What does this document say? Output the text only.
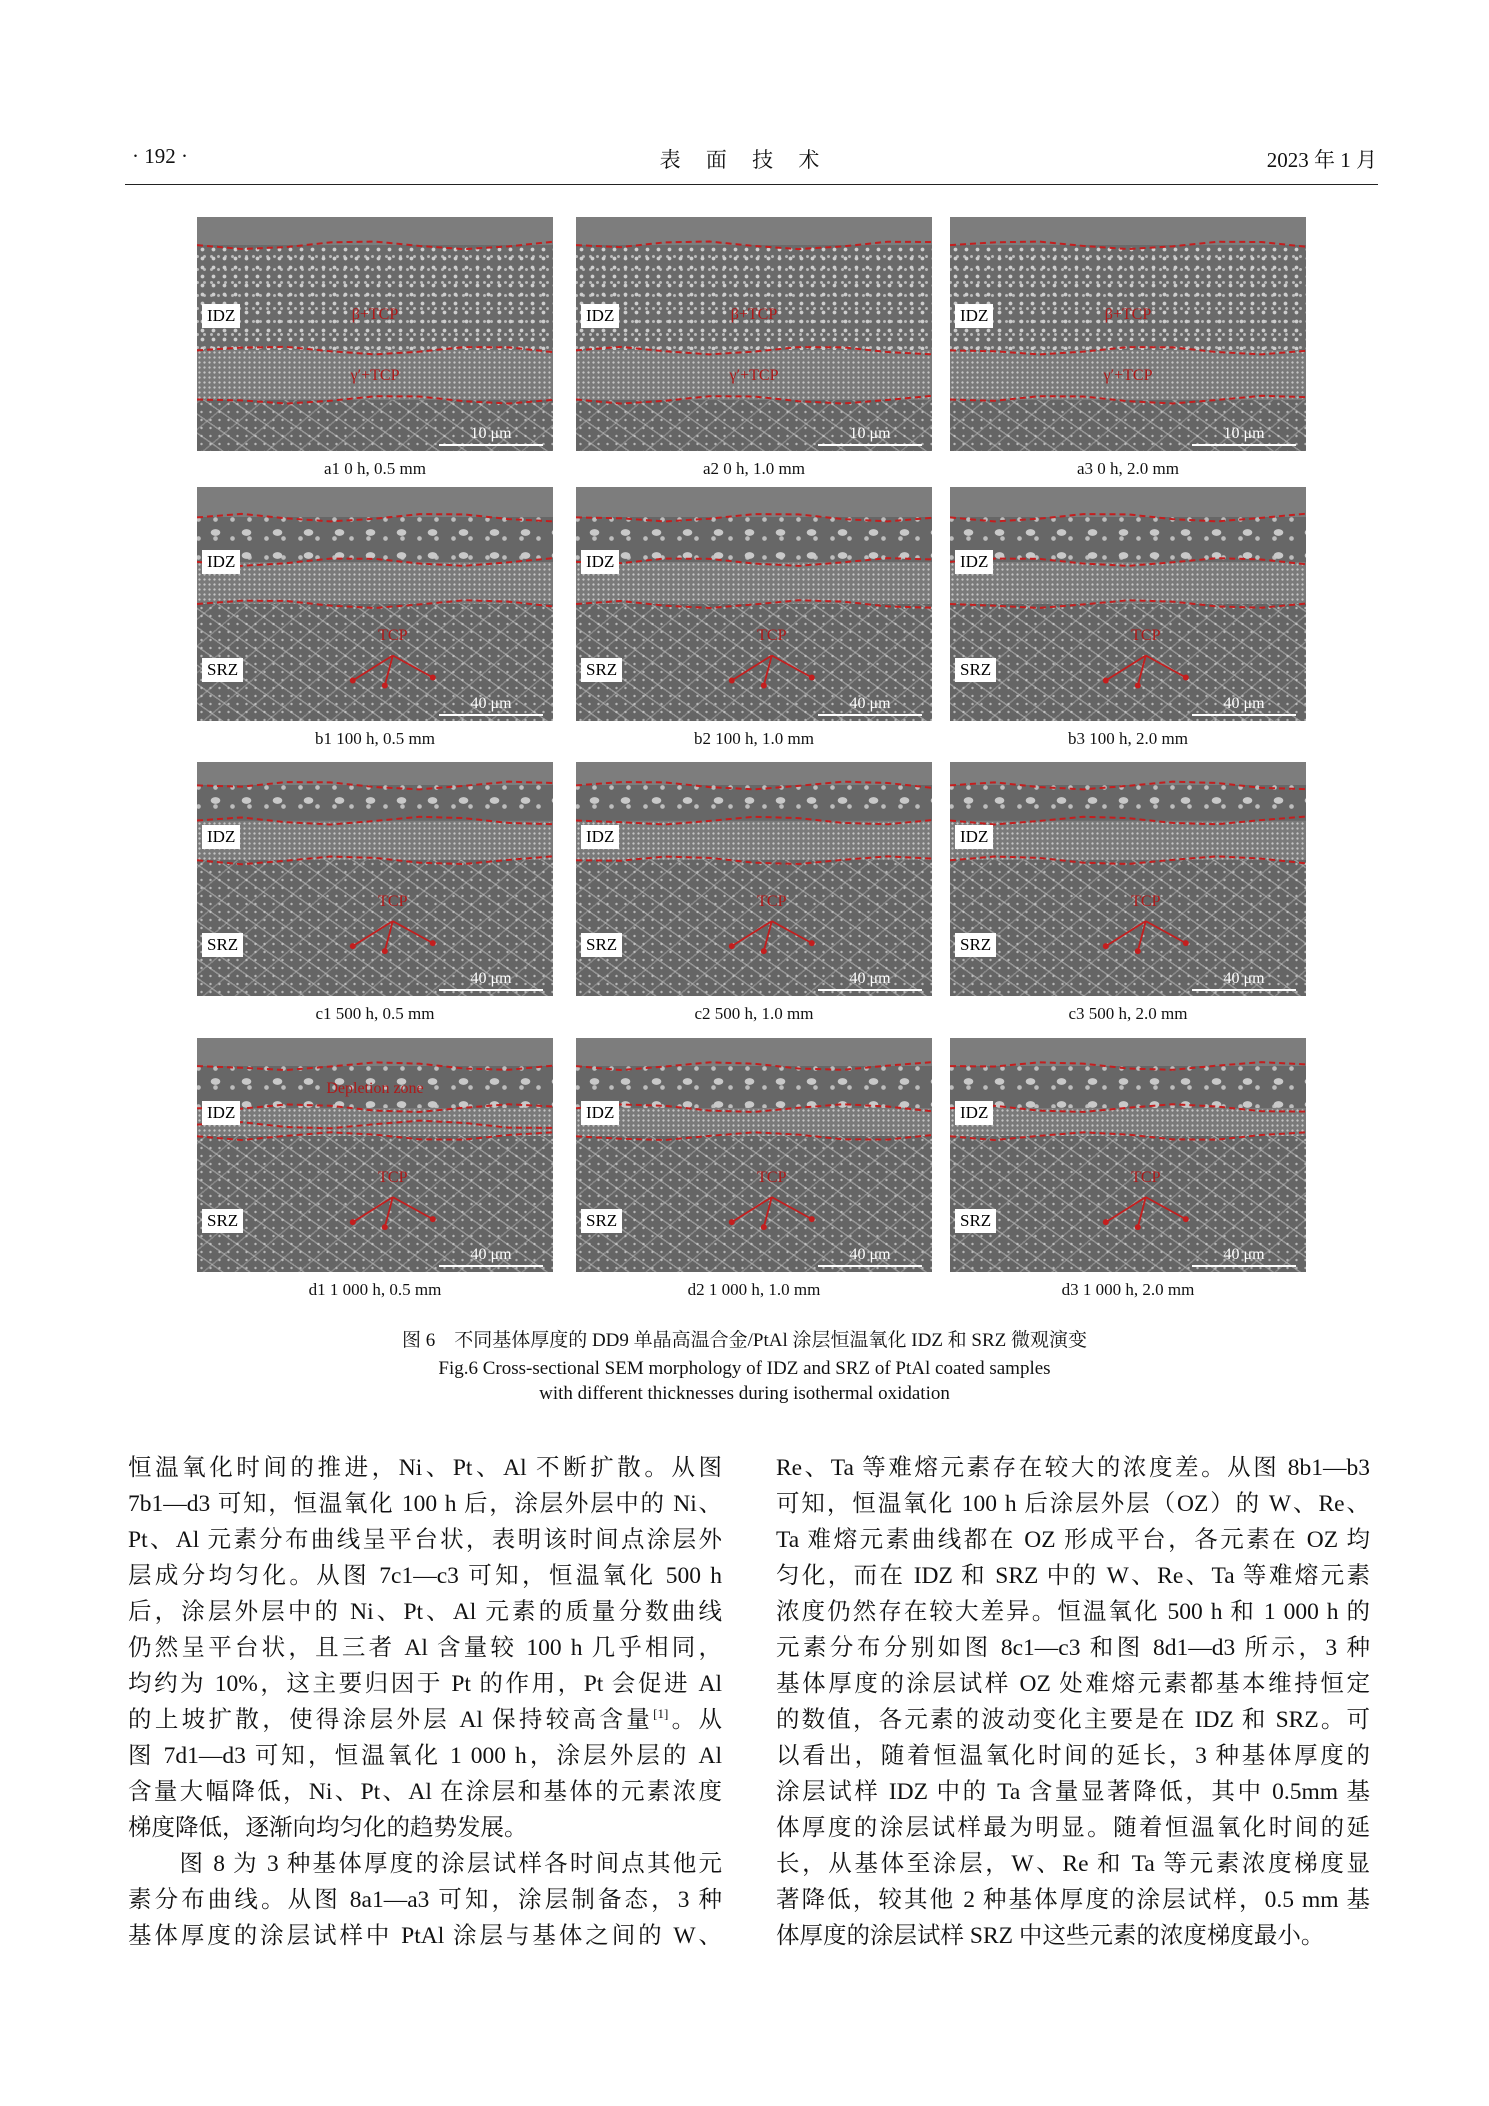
· 192 ·	表 面 技 术	2023 年 1 月
IDZ	β+TCP
γ′+TCP
10 μm
a1 0 h, 0.5 mm
IDZ	β+TCP
γ′+TCP
10 μm
a2 0 h, 1.0 mm
IDZ	β+TCP
γ′+TCP
10 μm
a3 0 h, 2.0 mm
IDZ
SRZ
TCP
40 μm
b1 100 h, 0.5 mm
IDZ
SRZ
TCP
40 μm
b2 100 h, 1.0 mm
IDZ
SRZ
TCP
40 μm
b3 100 h, 2.0 mm
IDZ
SRZ
TCP
40 μm
c1 500 h, 0.5 mm
IDZ
SRZ
TCP
40 μm
c2 500 h, 1.0 mm
IDZ
SRZ
TCP
40 μm
c3 500 h, 2.0 mm
IDZ
SRZ
TCP
Depletion zone
40 μm
d1 1 000 h, 0.5 mm
IDZ
SRZ
TCP
40 μm
d2 1 000 h, 1.0 mm
IDZ
SRZ
TCP
40 μm
d3 1 000 h, 2.0 mm
图 6　不同基体厚度的 DD9 单晶高温合金/PtAl 涂层恒温氧化 IDZ 和 SRZ 微观演变
Fig.6 Cross-sectional SEM morphology of IDZ and SRZ of PtAl coated samples
with different thicknesses during isothermal oxidation
恒温氧化时间的推进，Ni、Pt、Al 不断扩散。从图
7b1—d3 可知，恒温氧化 100 h 后，涂层外层中的 Ni、
Pt、Al 元素分布曲线呈平台状，表明该时间点涂层外
层成分均匀化。从图 7c1—c3 可知，恒温氧化 500 h
后，涂层外层中的 Ni、Pt、Al 元素的质量分数曲线
仍然呈平台状，且三者 Al 含量较 100 h 几乎相同，
均约为 10%，这主要归因于 Pt 的作用，Pt 会促进 Al
的上坡扩散，使得涂层外层 Al 保持较高含量[1]。从
图 7d1—d3 可知，恒温氧化 1 000 h，涂层外层的 Al
含量大幅降低，Ni、Pt、Al 在涂层和基体的元素浓度
梯度降低，逐渐向均匀化的趋势发展。
　　图 8 为 3 种基体厚度的涂层试样各时间点其他元
素分布曲线。从图 8a1—a3 可知，涂层制备态，3 种
基体厚度的涂层试样中 PtAl 涂层与基体之间的 W、
Re、Ta 等难熔元素存在较大的浓度差。从图 8b1—b3
可知，恒温氧化 100 h 后涂层外层（OZ）的 W、Re、
Ta 难熔元素曲线都在 OZ 形成平台，各元素在 OZ 均
匀化，而在 IDZ 和 SRZ 中的 W、Re、Ta 等难熔元素
浓度仍然存在较大差异。恒温氧化 500 h 和 1 000 h 的
元素分布分别如图 8c1—c3 和图 8d1—d3 所示，3 种
基体厚度的涂层试样 OZ 处难熔元素都基本维持恒定
的数值，各元素的波动变化主要是在 IDZ 和 SRZ。可
以看出，随着恒温氧化时间的延长，3 种基体厚度的
涂层试样 IDZ 中的 Ta 含量显著降低，其中 0.5mm 基
体厚度的涂层试样最为明显。随着恒温氧化时间的延
长，从基体至涂层，W、Re 和 Ta 等元素浓度梯度显
著降低，较其他 2 种基体厚度的涂层试样，0.5 mm 基
体厚度的涂层试样 SRZ 中这些元素的浓度梯度最小。
